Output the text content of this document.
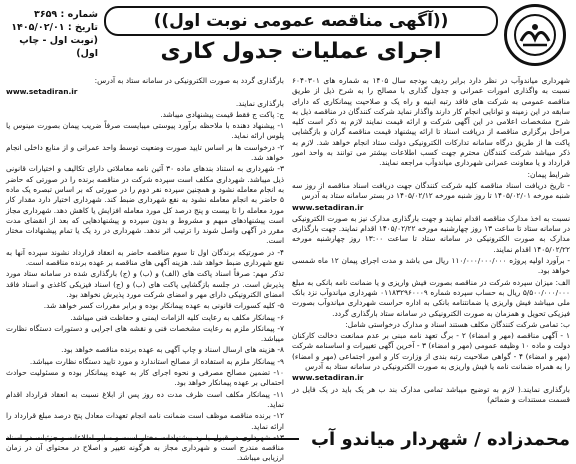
((آگهی مناقصه عمومی نوبت اول))
اجرای عملیات جدول کاری
شماره : ۳۶۵۹
تاریخ : ۱۴۰۵/۰۲/۰۱
(نوبت اول - چاپ اول)

شهرداری میاندوآب در نظر دارد برابر ردیف بودجه سال ۱۴۰۵ به شماره های ۶۰۴۰۳۰۱ نسبت به واگذاری امورات عمرانی و جدول گذاری با مصالح را به شرح ذیل از طریق مناقصه عمومی به شرکت های فاقد رتبه ابنیه و راه یک و صلاحیت پیمانکاری که دارای سابقه در این زمینه و توانایی انجام کار دارند واگذار نماید شرکت کنندگان در مناقصه ذیل به شرح مشخصات اعلامی در این آگهی شرکت و ارائه قیمت نمایند لازم به ذکر است کلیه مراحل برگزاری مناقصه از دریافت اسناد تا ارائه پیشنهاد قیمت مناقصه گران و بازگشایی پاکت ها از طریق درگاه سامانه تدارکات الکترونیکی دولت ستاد انجام خواهد شد. لازم به ذکر میباشد شرکت کنندگان محترم جهت کسب اطلاعات بیشتر می توانند به واحد امور قرارداد و یا معاونت عمرانی شهرداری میاندوآب مراجعه نمایند.

شرایط پیمان:

- تاریخ دریافت اسناد مناقصه کلیه شرکت کنندگان جهت دریافت اسناد مناقصه از روز سه شنبه مورخه ۱۴۰۵/۰۲/۰۱ تا روز شنبه مورخه ۱۴۰۵/۰۲/۱۲ در بستر سامانه ستاد به آدرس

www.setadiran.ir

نسبت به اخذ مدارک مناقصه اقدام نمایند و جهت بارگذاری مدارک نیز به صورت الکترونیکی در سامانه ستاد تا ساعت ۱۳ روز چهارشنبه مورخه ۱۴۰۵/۰۲/۲۲ اقدام نمایند. جهت بارگذاری مدارک به صورت الکترونیکی در سامانه ستاد تا ساعت ۱۳:۰۰ روز چهارشنبه مورخه ۱۴۰۵/۰۲/۲۲ اقدام نمایند.

- برآورد اولیه پروژه ۱۱۰/۰۰۰/۰۰۰/۰۰۰ ریال می باشد و مدت اجرای پیمان ۱۲ ماه شمسی خواهد بود.

الف: میزان سپرده شرکت در مناقصه بصورت فیش واریزی و یا ضمانت نامه بانکی به مبلغ ۵/۵۰۰/۰۰۰/۰۰۰ ریال به حساب سپرده شماره ۰۱۱۸۳۲۹۶۰۰۰۹ شهرداری میاندوآب نزد بانک ملی میباشد فیش واریزی یا ضمانتنامه بانکی به اداره حراست شهرداری میاندوآب بصورت فیزیکی تحویل و همزمان به صورت الکترونیکی در سامانه ستاد بارگذاری گردد.

ب: تمامی شرکت کنندگان مکلف هستند اسناد و مدارک درخواستی شامل:

۱ - آگهی مناقصه (مهر و امضاء) ۲ - برگ تعهد نامه مبنی بر عدم ممانعت دخالت کارکنان دولت و ماده ۱۰ وظیفه عمومی (مهر و امضاء) ۳ - آخرین آگهی تغییرات و اساسنامه شرکت (مهر و امضاء) ۴ - گواهی صلاحیت رتبه بندی از وزارت کار و امور اجتماعی (مهر و امضاء) را به همراه ضمانت نامه یا فیش واریزی به صورت الکترونیکی در سامانه ستاد به آدرس

www.setadiran.ir

بارگذاری نمایند.( لازم به توضیح میباشد تمامی مدارک بند ب هر یک باید در یک فایل در قسمت مستندات و ضمائم)

بارگذاری گردد به صورت الکترونیکی در سامانه ستاد به آدرس:

www.setadiran.ir

بارگذاری نمایند.

ج: پاکت ج فقط قیمت پیشنهادی میباشد.

۱- پیشنهاد دهنده با ملاحظه برآورد پیوستی میبایست صرفاً ضریب پیمان بصورت مینوس یا پلوس ارائه نماید.

۲- درخواست ها بر اساس تایید صورت وضعیت توسط واحد عمرانی و از منابع داخلی انجام خواهد شد.

۳- شهرداری به استناد بندهای ماده ۳۰ آئین نامه معاملاتی دارای تکالیف و اختیارات قانونی ذیل میباشد. شهرداری مکلف است سپرده شرکت در مناقصه برنده را در صورتی که حاضر به انجام معامله نشود و همچنین سپرده نفر دوم را در صورتی که بر اساس تبصره یک ماده ۵ حاضر به انجام معامله نشود به نفع شهرداری ضبط کند. شهرداری اختیار دارد مقدار کار مورد معامله را تا بیست و پنج درصد کل مورد معامله افزایش یا کاهش دهد. شهرداری مجاز است پیشنهادهای مبهم و مشروط و بدون سپرده و پیشنهادهایی که بعد از انقضای مدت مقرر در آگهی واصل شوند را ترتیب اثر ندهد. شهرداری در رد یک یا تمام پیشنهادات مختار است.

۴- در صورتیکه برندگان اول تا سوم مناقصه حاضر به انعقاد قرارداد نشوند سپرده آنها به نفع شهرداری ضبط خواهد شد. هزینه آگهی های مناقصه بر عهده برنده مناقصه است.

تذکر مهم: صرفاً اسناد پاکت های (الف) و (ب) و (ج) بارگذاری شده در سامانه ستاد مورد پذیرش است. در جلسه بازگشایی پاکت های (ب) و (ج) اسناد فیزیکی کاغذی و اسناد فاقد امضای الکترونیکی دارای مهر و امضای شرکت مورد پذیرش نخواهد بود.

۵- کلیه کسورات قانونی به عهده پیمانکار بوده و برابر مقررات کسر خواهد شد.

۶- پیمانکار مکلف به رعایت کلیه الزامات ایمنی و حفاظت فنی میباشد.

۷- پیمانکار ملزم به رعایت مشخصات فنی و نقشه های اجرایی و دستورات دستگاه نظارت میباشد.

۸- هزینه های ارسال اسناد و چاپ آگهی به عهده برنده مناقصه خواهد بود.

۹- پیمانکار ملزم به استفاده از مصالح استاندارد و مورد تایید دستگاه نظارت میباشد.

۱۰- تضمین مصالح مصرفی و نحوه اجرای کار به عهده پیمانکار بوده و مسئولیت حوادث احتمالی بر عهده پیمانکار خواهد بود.

۱۱- پیمانکار مکلف است ظرف مدت ده روز پس از ابلاغ نسبت به انعقاد قرارداد اقدام نماید.

۱۲- برنده مناقصه موظف است ضمانت نامه انجام تعهدات معادل پنج درصد مبلغ قرارداد را ارائه نماید.

مناقصه مندرج است و شهرداری مجاز به هرگونه تغییر و اصلاح در محتوای آن در زمان ارزیابی میباشد.

محمدزاده / شهردار میاندو آب
